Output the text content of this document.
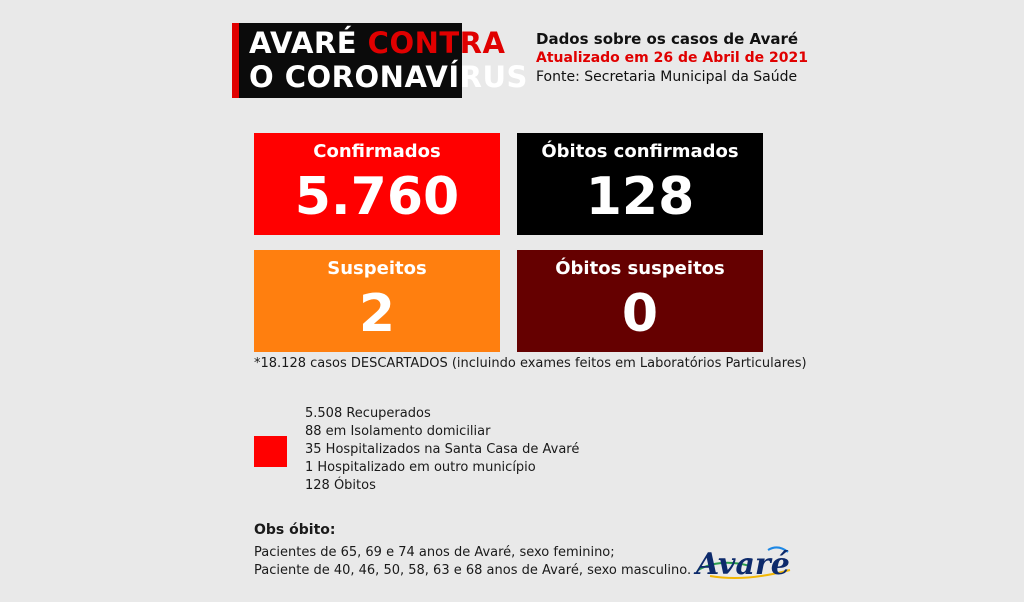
AVARÉ CONTRA
O CORONAVÍRUS
Dados sobre os casos de Avaré
Atualizado em 26 de Abril de 2021
Fonte: Secretaria Municipal da Saúde
Confirmados
5.760
Óbitos confirmados
128
Suspeitos
2
Óbitos suspeitos
0
*18.128 casos DESCARTADOS (incluindo exames feitos em Laboratórios Particulares)
5.508 Recuperados
88 em Isolamento domiciliar
35 Hospitalizados na Santa Casa de Avaré
1 Hospitalizado em outro município
128 Óbitos
Obs óbito:
Pacientes de 65, 69 e 74 anos de Avaré, sexo feminino;
Paciente de 40, 46, 50, 58, 63 e 68 anos de Avaré, sexo masculino. Avaré
